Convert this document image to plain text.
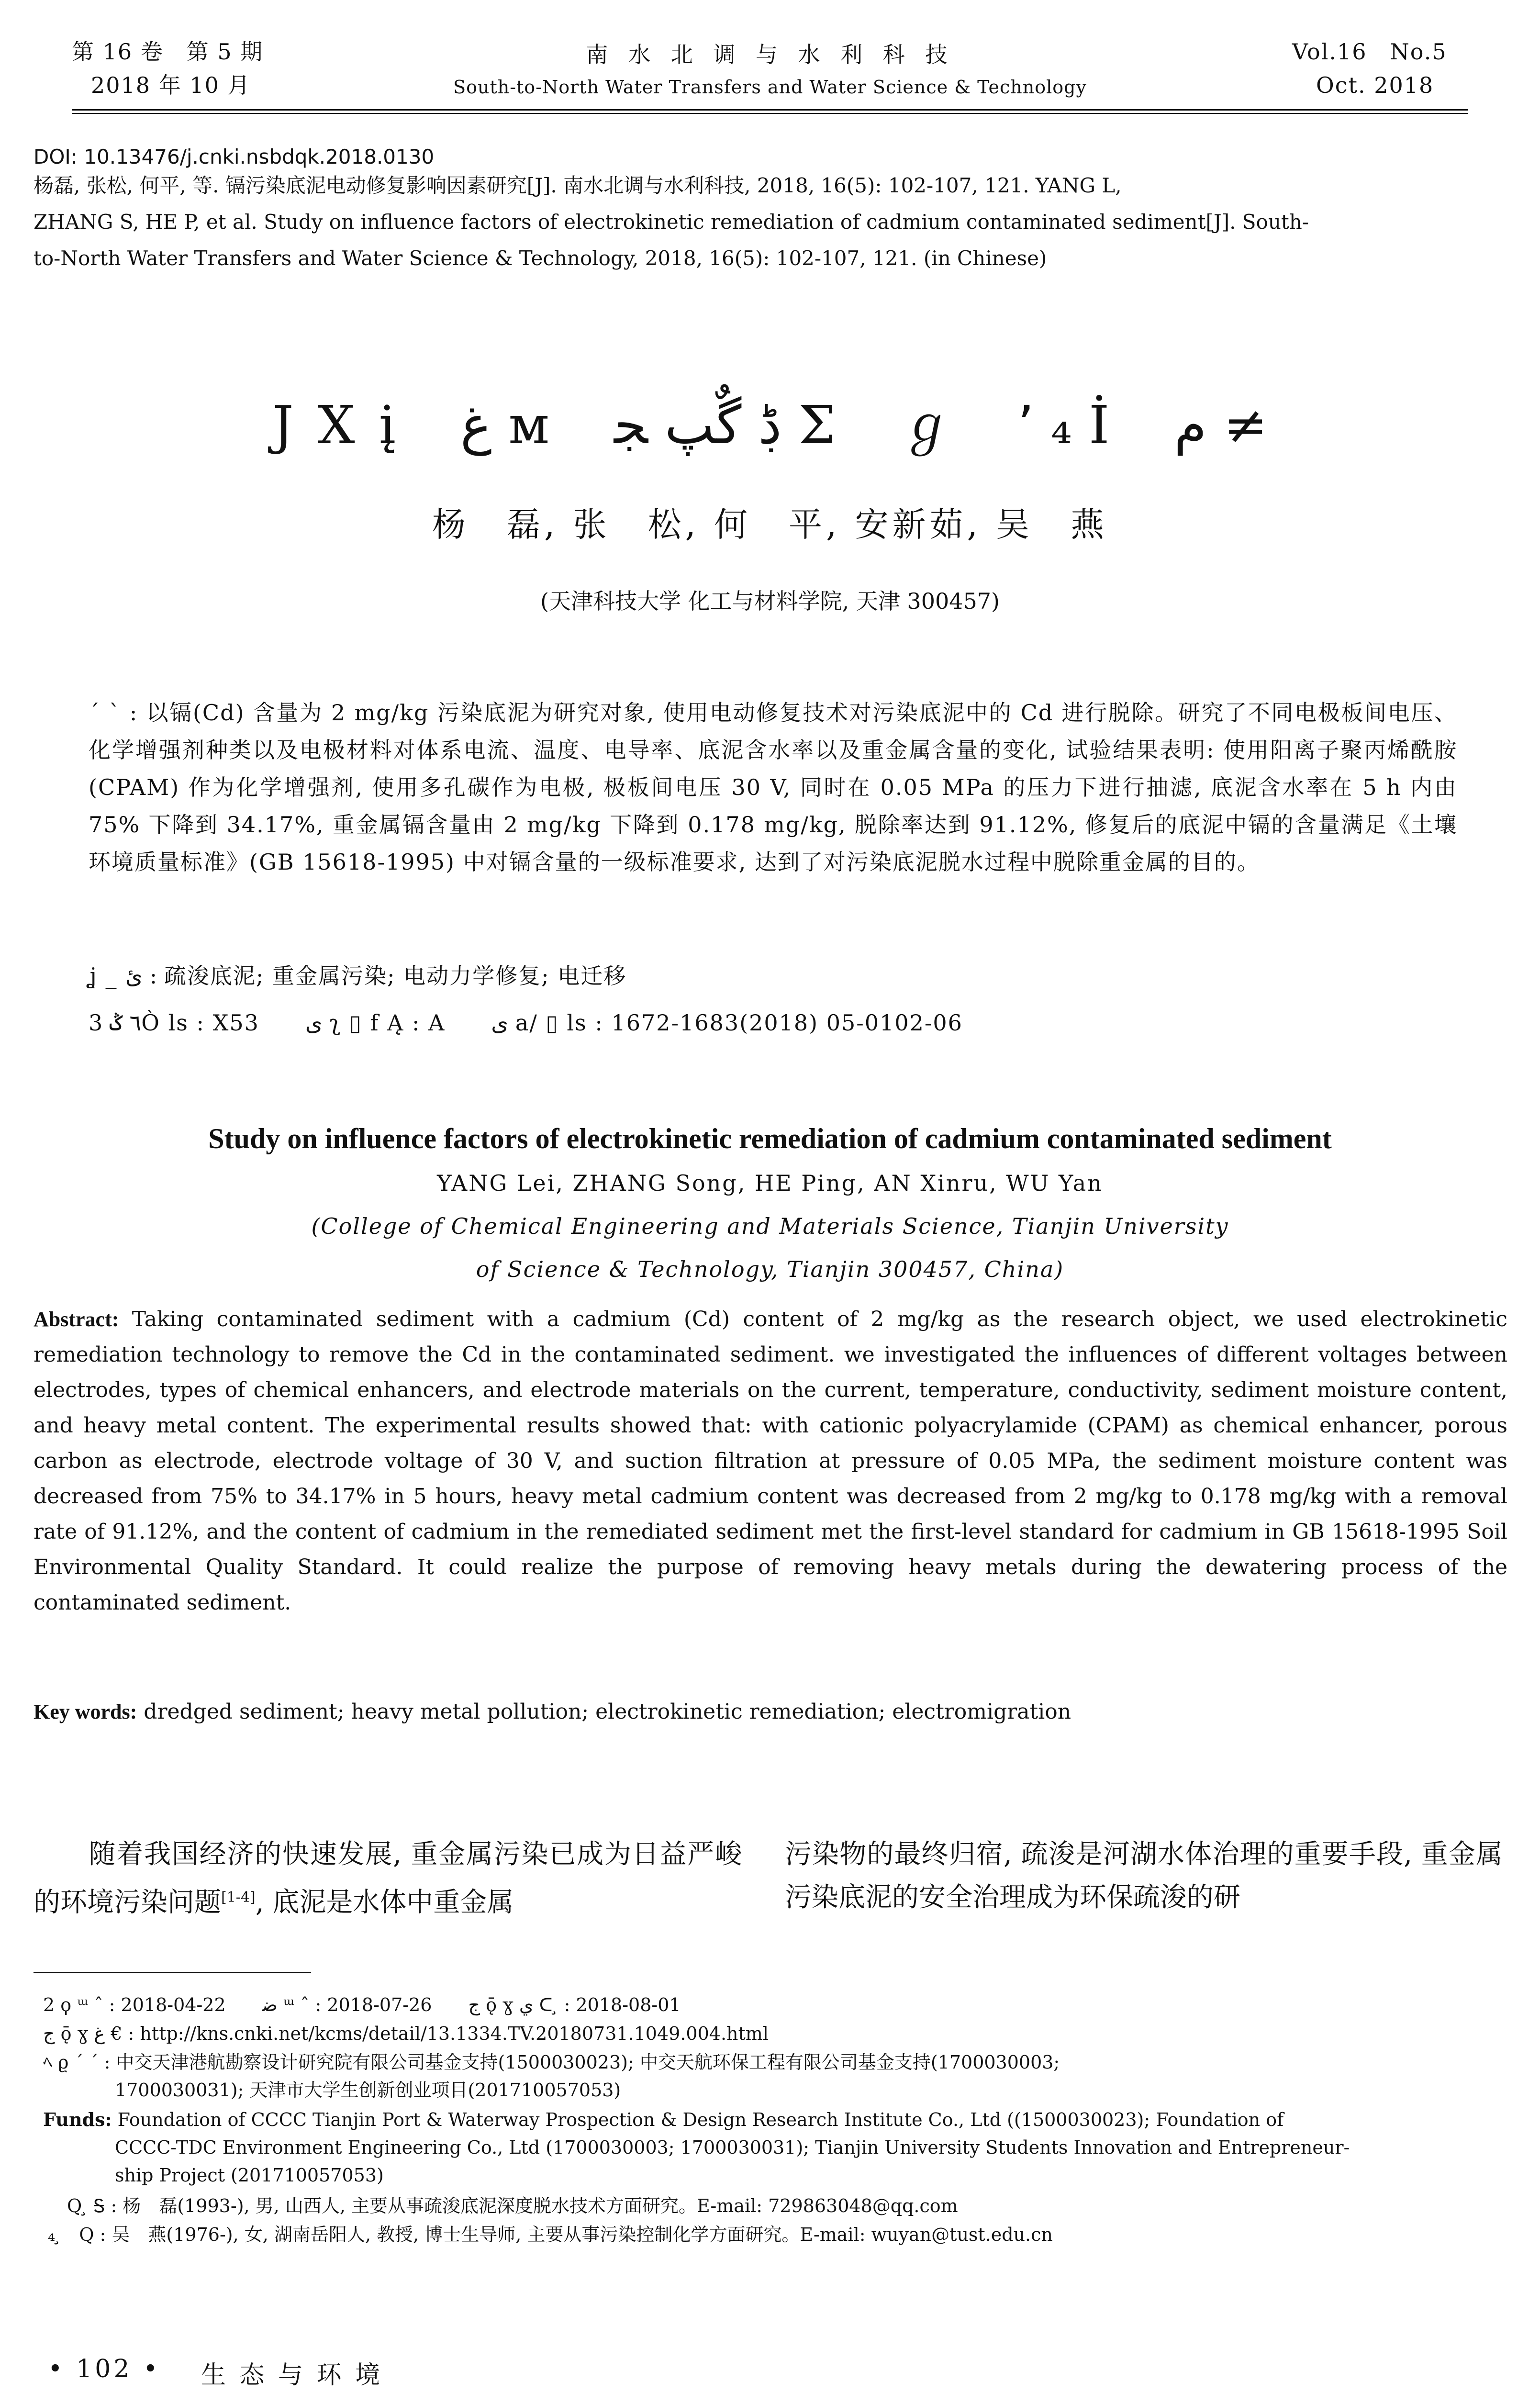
第 16 卷　第 5 期
2018 年 10 月
南 水 北 调 与 水 利 科 技
South-to-North Water Transfers and Water Science & Technology
Vol.16　No.5
Oct. 2018
DOI: 10.13476/j.cnki.nsbdqk.2018.0130
杨磊, 张松, 何平, 等. 镉污染底泥电动修复影响因素研究[J]. 南水北调与水利科技, 2018, 16(5): 102-107, 121. YANG L,
ZHANG S, HE P, et al. Study on influence factors of electrokinetic remediation of cadmium contaminated sediment[J]. South-
to-North Water Transfers and Water Science & Technology, 2018, 16(5): 102-107, 121. (in Chinese)
ЈXį غ м ڋ گٌپ ﺠ Σ ℊ ٬ ₄ İ ﻡ ≠
杨　磊, 张　松, 何　平, 安新茹, 吴　燕
(天津科技大学 化工与材料学院, 天津 300457)
ˊ ˋ : 以镉(Cd) 含量为 2 mg/kg 污染底泥为研究对象, 使用电动修复技术对污染底泥中的 Cd 进行脱除。研究了不同电极板间电压、化学增强剂种类以及电极材料对体系电流、温度、电导率、底泥含水率以及重金属含量的变化, 试验结果表明: 使用阳离子聚丙烯酰胺(CPAM) 作为化学增强剂, 使用多孔碳作为电极, 极板间电压 30 V, 同时在 0.05 MPa 的压力下进行抽滤, 底泥含水率在 5 h 内由 75% 下降到 34.17%, 重金属镉含量由 2 mg/kg 下降到 0.178 mg/kg, 脱除率达到 91.12%, 修复后的底泥中镉的含量满足《土壤环境质量标准》(GB 15618-1995) 中对镉含量的一级标准要求, 达到了对污染底泥脱水过程中脱除重金属的目的。
ʝ _ ئ : 疏浚底泥; 重金属污染; 电动力学修复; 电迁移
3 ٦ ݣÒ ls : X53　　ى ʅ ▯ f Ą : A　　ى a/ ▯ ls : 1672-1683(2018) 05-0102-06
Study on influence factors of electrokinetic remediation of cadmium contaminated sediment
YANG Lei, ZHANG Song, HE Ping, AN Xinru, WU Yan
(College of Chemical Engineering and Materials Science, Tianjin University
of Science & Technology, Tianjin 300457, China)
Abstract: Taking contaminated sediment with a cadmium (Cd) content of 2 mg/kg as the research object, we used electrokinetic remediation technology to remove the Cd in the contaminated sediment. we investigated the influences of different voltages between electrodes, types of chemical enhancers, and electrode materials on the current, temperature, conductivity, sediment moisture content, and heavy metal content. The experimental results showed that: with cationic polyacrylamide (CPAM) as chemical enhancer, porous carbon as electrode, electrode voltage of 30 V, and suction filtration at pressure of 0.05 MPa, the sediment moisture content was decreased from 75% to 34.17% in 5 hours, heavy metal cadmium content was decreased from 2 mg/kg to 0.178 mg/kg with a removal rate of 91.12%, and the content of cadmium in the remediated sediment met the first-level standard for cadmium in GB 15618-1995 Soil Environmental Quality Standard. It could realize the purpose of removing heavy metals during the dewatering process of the contaminated sediment.
Key words: dredged sediment; heavy metal pollution; electrokinetic remediation; electromigration
　　随着我国经济的快速发展, 重金属污染已成为日益严峻的环境污染问题[1-4], 底泥是水体中重金属
污染物的最终归宿, 疏浚是河湖水体治理的重要手段, 重金属污染底泥的安全治理成为环保疏浚的研
2 ϙ ᵚ ˆ : 2018-04-22　　ﺿ ᵚ ˆ : 2018-07-26　　ج ǭ ɣ ي ᑕ ̧ : 2018-08-01
ج ǭ ɣ غ € : http://kns.cnki.net/kcms/detail/13.1334.TV.20180731.1049.004.html
ﾍ ϱ ˊ ˊ : 中交天津港航勘察设计研究院有限公司基金支持(1500030023); 中交天航环保工程有限公司基金支持(1700030003;
1700030031); 天津市大学生创新创业项目(201710057053)
Funds: Foundation of CCCC Tianjin Port & Waterway Prospection & Design Research Institute Co., Ltd ((1500030023); Foundation of
CCCC-TDC Environment Engineering Co., Ltd (1700030003; 1700030031); Tianjin University Students Innovation and Entrepreneur-
ship Project (201710057053)
Q ̧ Ꭶ : 杨　磊(1993-), 男, 山西人, 主要从事疏浚底泥深度脱水技术方面研究。E-mail: 729863048@qq.com
₄ ̧　Q : 吴　燕(1976-), 女, 湖南岳阳人, 教授, 博士生导师, 主要从事污染控制化学方面研究。E-mail: wuyan@tust.edu.cn
• 102 • 生 态 与 环 境
